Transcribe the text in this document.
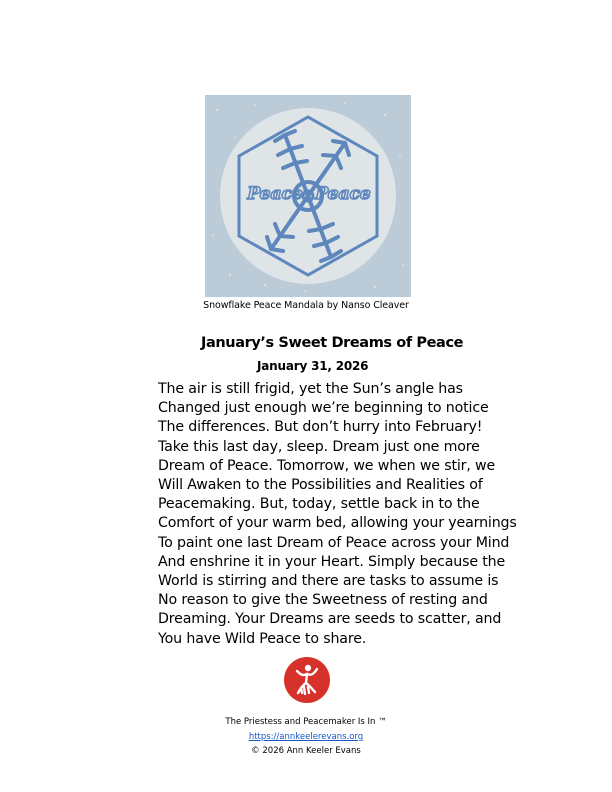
Peace Peace
Snowflake Peace Mandala by Nanso Cleaver
January’s Sweet Dreams of Peace
January 31, 2026
The air is still frigid, yet the Sun’s angle has
Changed just enough we’re beginning to notice
The differences. But don’t hurry into February!
Take this last day, sleep. Dream just one more
Dream of Peace. Tomorrow, we when we stir, we
Will Awaken to the Possibilities and Realities of
Peacemaking. But, today, settle back in to the
Comfort of your warm bed, allowing your yearnings
To paint one last Dream of Peace across your Mind
And enshrine it in your Heart. Simply because the
World is stirring and there are tasks to assume is
No reason to give the Sweetness of resting and
Dreaming. Your Dreams are seeds to scatter, and
You have Wild Peace to share.
The Priestess and Peacemaker Is In ™
https://annkeelerevans.org
© 2026 Ann Keeler Evans
